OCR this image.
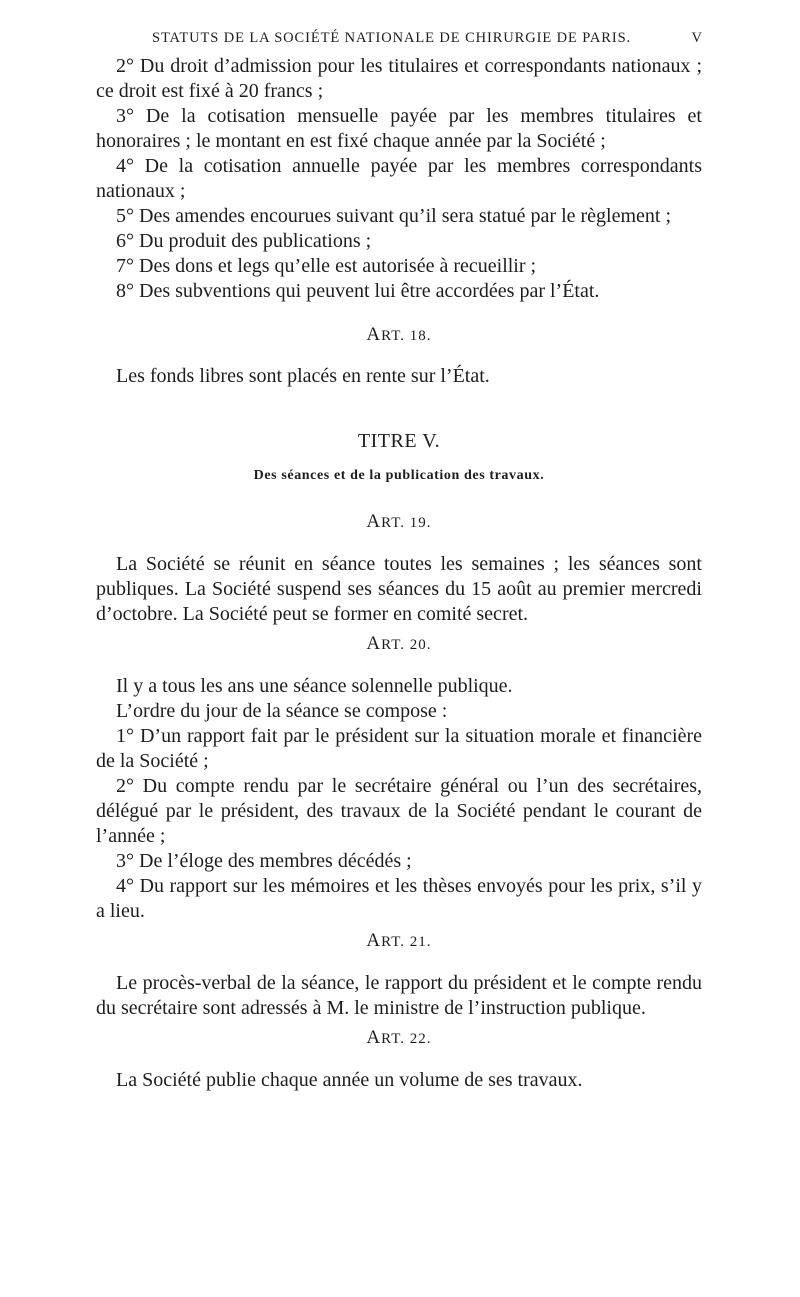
STATUTS DE LA SOCIÉTÉ NATIONALE DE CHIRURGIE DE PARIS.	V

2° Du droit d’admission pour les titulaires et correspondants nationaux ; ce droit est fixé à 20 francs ;

3° De la cotisation mensuelle payée par les membres titulaires et honoraires ; le montant en est fixé chaque année par la Société ;

4° De la cotisation annuelle payée par les membres correspondants nationaux ;

5° Des amendes encourues suivant qu’il sera statué par le règlement ;

6° Du produit des publications ;

7° Des dons et legs qu’elle est autorisée à recueillir ;

8° Des subventions qui peuvent lui être accordées par l’État.

ART. 18.

Les fonds libres sont placés en rente sur l’État.

TITRE V.
Des séances et de la publication des travaux.
ART. 19.

La Société se réunit en séance toutes les semaines ; les séances sont publiques. La Société suspend ses séances du 15 août au premier mercredi d’octobre. La Société peut se former en comité secret.

ART. 20.

Il y a tous les ans une séance solennelle publique.

L’ordre du jour de la séance se compose :

1° D’un rapport fait par le président sur la situation morale et financière de la Société ;

2° Du compte rendu par le secrétaire général ou l’un des secrétaires, délégué par le président, des travaux de la Société pendant le courant de l’année ;

3° De l’éloge des membres décédés ;

4° Du rapport sur les mémoires et les thèses envoyés pour les prix, s’il y a lieu.

ART. 21.

Le procès-verbal de la séance, le rapport du président et le compte rendu du secrétaire sont adressés à M. le ministre de l’instruction publique.

ART. 22.

La Société publie chaque année un volume de ses travaux.
